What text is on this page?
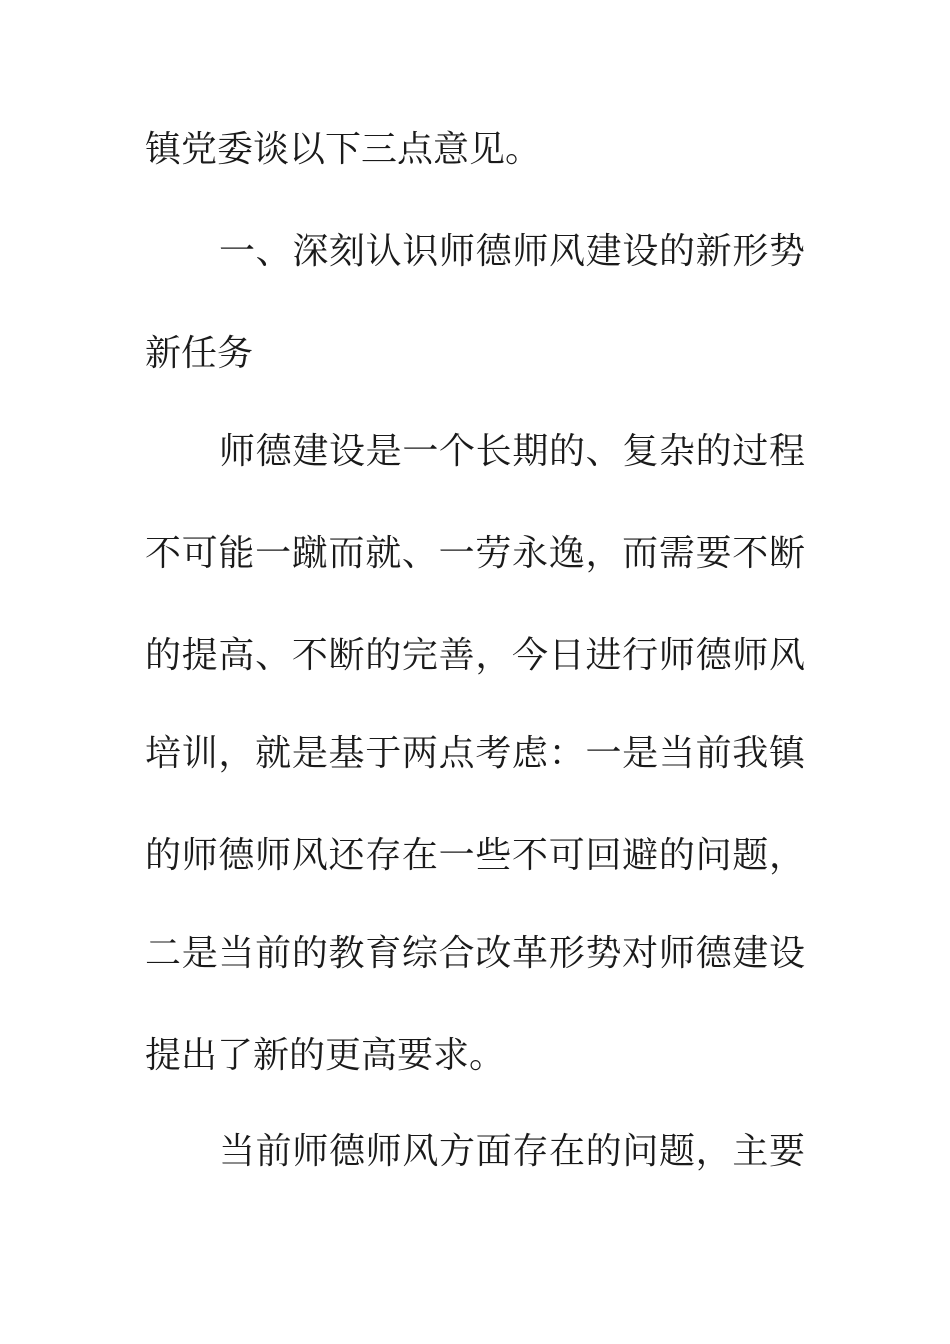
镇党委谈以下三点意见。
一、深刻认识师德师风建设的新形势
新任务
师德建设是一个长期的、复杂的过程
不可能一蹴而就、一劳永逸，而需要不断
的提高、不断的完善，今日进行师德师风
培训，就是基于两点考虑：一是当前我镇
的师德师风还存在一些不可回避的问题，
二是当前的教育综合改革形势对师德建设
提出了新的更高要求。
当前师德师风方面存在的问题，主要
